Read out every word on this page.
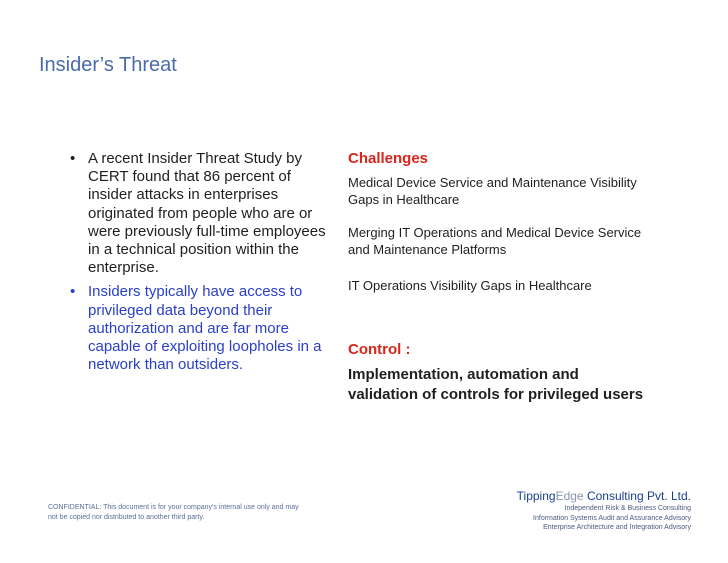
Insider’s Threat
• A recent Insider Threat Study by CERT found that 86 percent of insider attacks in enterprises originated from people who are or were previously full-time employees in a technical position within the enterprise.
• Insiders typically have access to privileged data beyond their authorization and are far more capable of exploiting loopholes in a network than outsiders.
Challenges
Medical Device Service and Maintenance Visibility Gaps in Healthcare
Merging IT Operations and Medical Device Service and Maintenance Platforms
IT Operations Visibility Gaps in Healthcare
Control :
Implementation, automation and validation of controls for privileged users
CONFIDENTIAL: This document is for your company's internal use only and may not be copied nor distributed to another third party.
TippingEdge Consulting Pvt. Ltd.
Independent Risk & Business Consulting
Information Systems Audit and Assurance Advisory
Enterprise Architecture and Integration Advisory
